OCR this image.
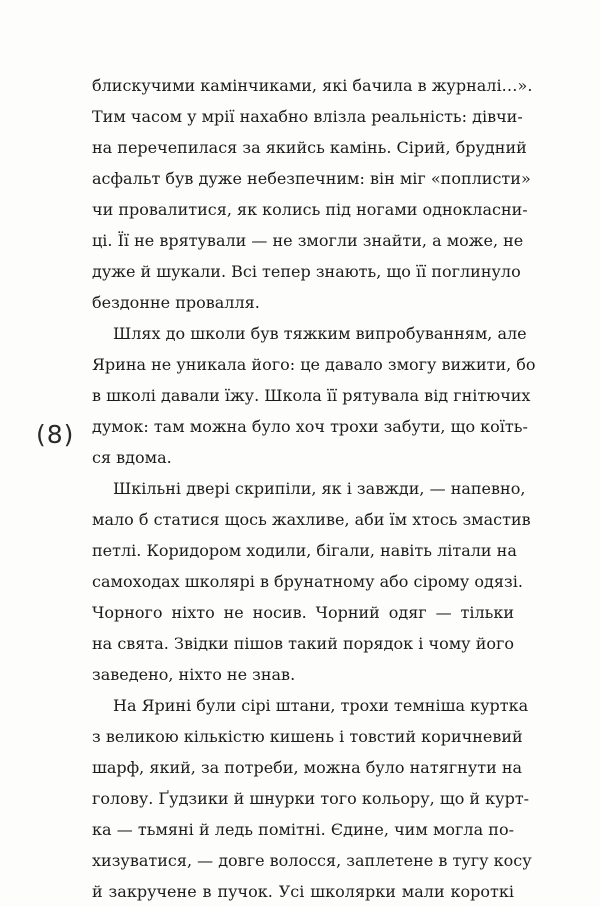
(8)
блискучими камінчиками, які бачила в журналі…».
Тим часом у мрії нахабно влізла реальність: дівчи-
на перечепилася за якийсь камінь. Сірий, брудний
асфальт був дуже небезпечним: він міг «поплисти»
чи провалитися, як колись під ногами однокласни-
ці. Її не врятували — не змогли знайти, а може, не
дуже й шукали. Всі тепер знають, що її поглинуло
бездонне провалля.
Шлях до школи був тяжким випробуванням, але
Ярина не уникала його: це давало змогу вижити, бо
в школі давали їжу. Школа її рятувала від гнітючих
думок: там можна було хоч трохи забути, що коїть-
ся вдома.
Шкільні двері скрипіли, як і завжди, — напевно,
мало б статися щось жахливе, аби їм хтось змастив
петлі. Коридором ходили, бігали, навіть літали на
самоходах школярі в брунатному або сірому одязі.
Чорного ніхто не носив. Чорний одяг — тільки
на свята. Звідки пішов такий порядок і чому його
заведено, ніхто не знав.
На Ярині були сірі штани, трохи темніша куртка
з великою кількістю кишень і товстий коричневий
шарф, який, за потреби, можна було натягнути на
голову. Ґудзики й шнурки того кольору, що й курт-
ка — тьмяні й ледь помітні. Єдине, чим могла по-
хизуватися, — довге волосся, заплетене в тугу косу
й закручене в пучок. Усі школярки мали короткі
